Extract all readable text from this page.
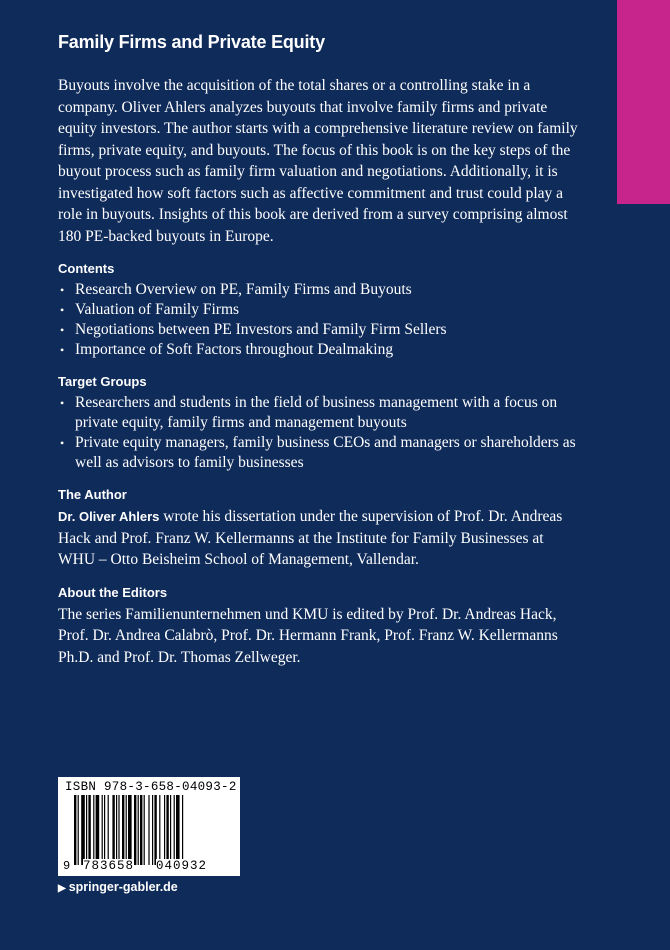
Family Firms and Private Equity

Buyouts involve the acquisition of the total shares or a controlling stake in a company. Oliver Ahlers analyzes buyouts that involve family firms and private equity investors. The author starts with a comprehensive literature review on family firms, private equity, and buyouts. The focus of this book is on the key steps of the buyout process such as family firm valuation and negotiations. Additionally, it is investigated how soft factors such as affective commitment and trust could play a role in buyouts. Insights of this book are derived from a survey comprising almost 180 PE-backed buyouts in Europe.

Contents
• Research Overview on PE, Family Firms and Buyouts
• Valuation of Family Firms
• Negotiations between PE Investors and Family Firm Sellers
• Importance of Soft Factors throughout Dealmaking
Target Groups
• Researchers and students in the field of business management with a focus on private equity, family firms and management buyouts
• Private equity managers, family business CEOs and managers or shareholders as well as advisors to family businesses
The Author

Dr. Oliver Ahlers wrote his dissertation under the supervision of Prof. Dr. Andreas Hack and Prof. Franz W. Kellermanns at the Institute for Family Businesses at WHU – Otto Beisheim School of Management, Vallendar.

About the Editors

The series Familienunternehmen und KMU is edited by Prof. Dr. Andreas Hack, Prof. Dr. Andrea Calabrò, Prof. Dr. Hermann Frank, Prof. Franz W. Kellermanns Ph.D. and Prof. Dr. Thomas Zellweger.

ISBN 978-3-658-04093-2
9 783658 040932
▶ springer-gabler.de
